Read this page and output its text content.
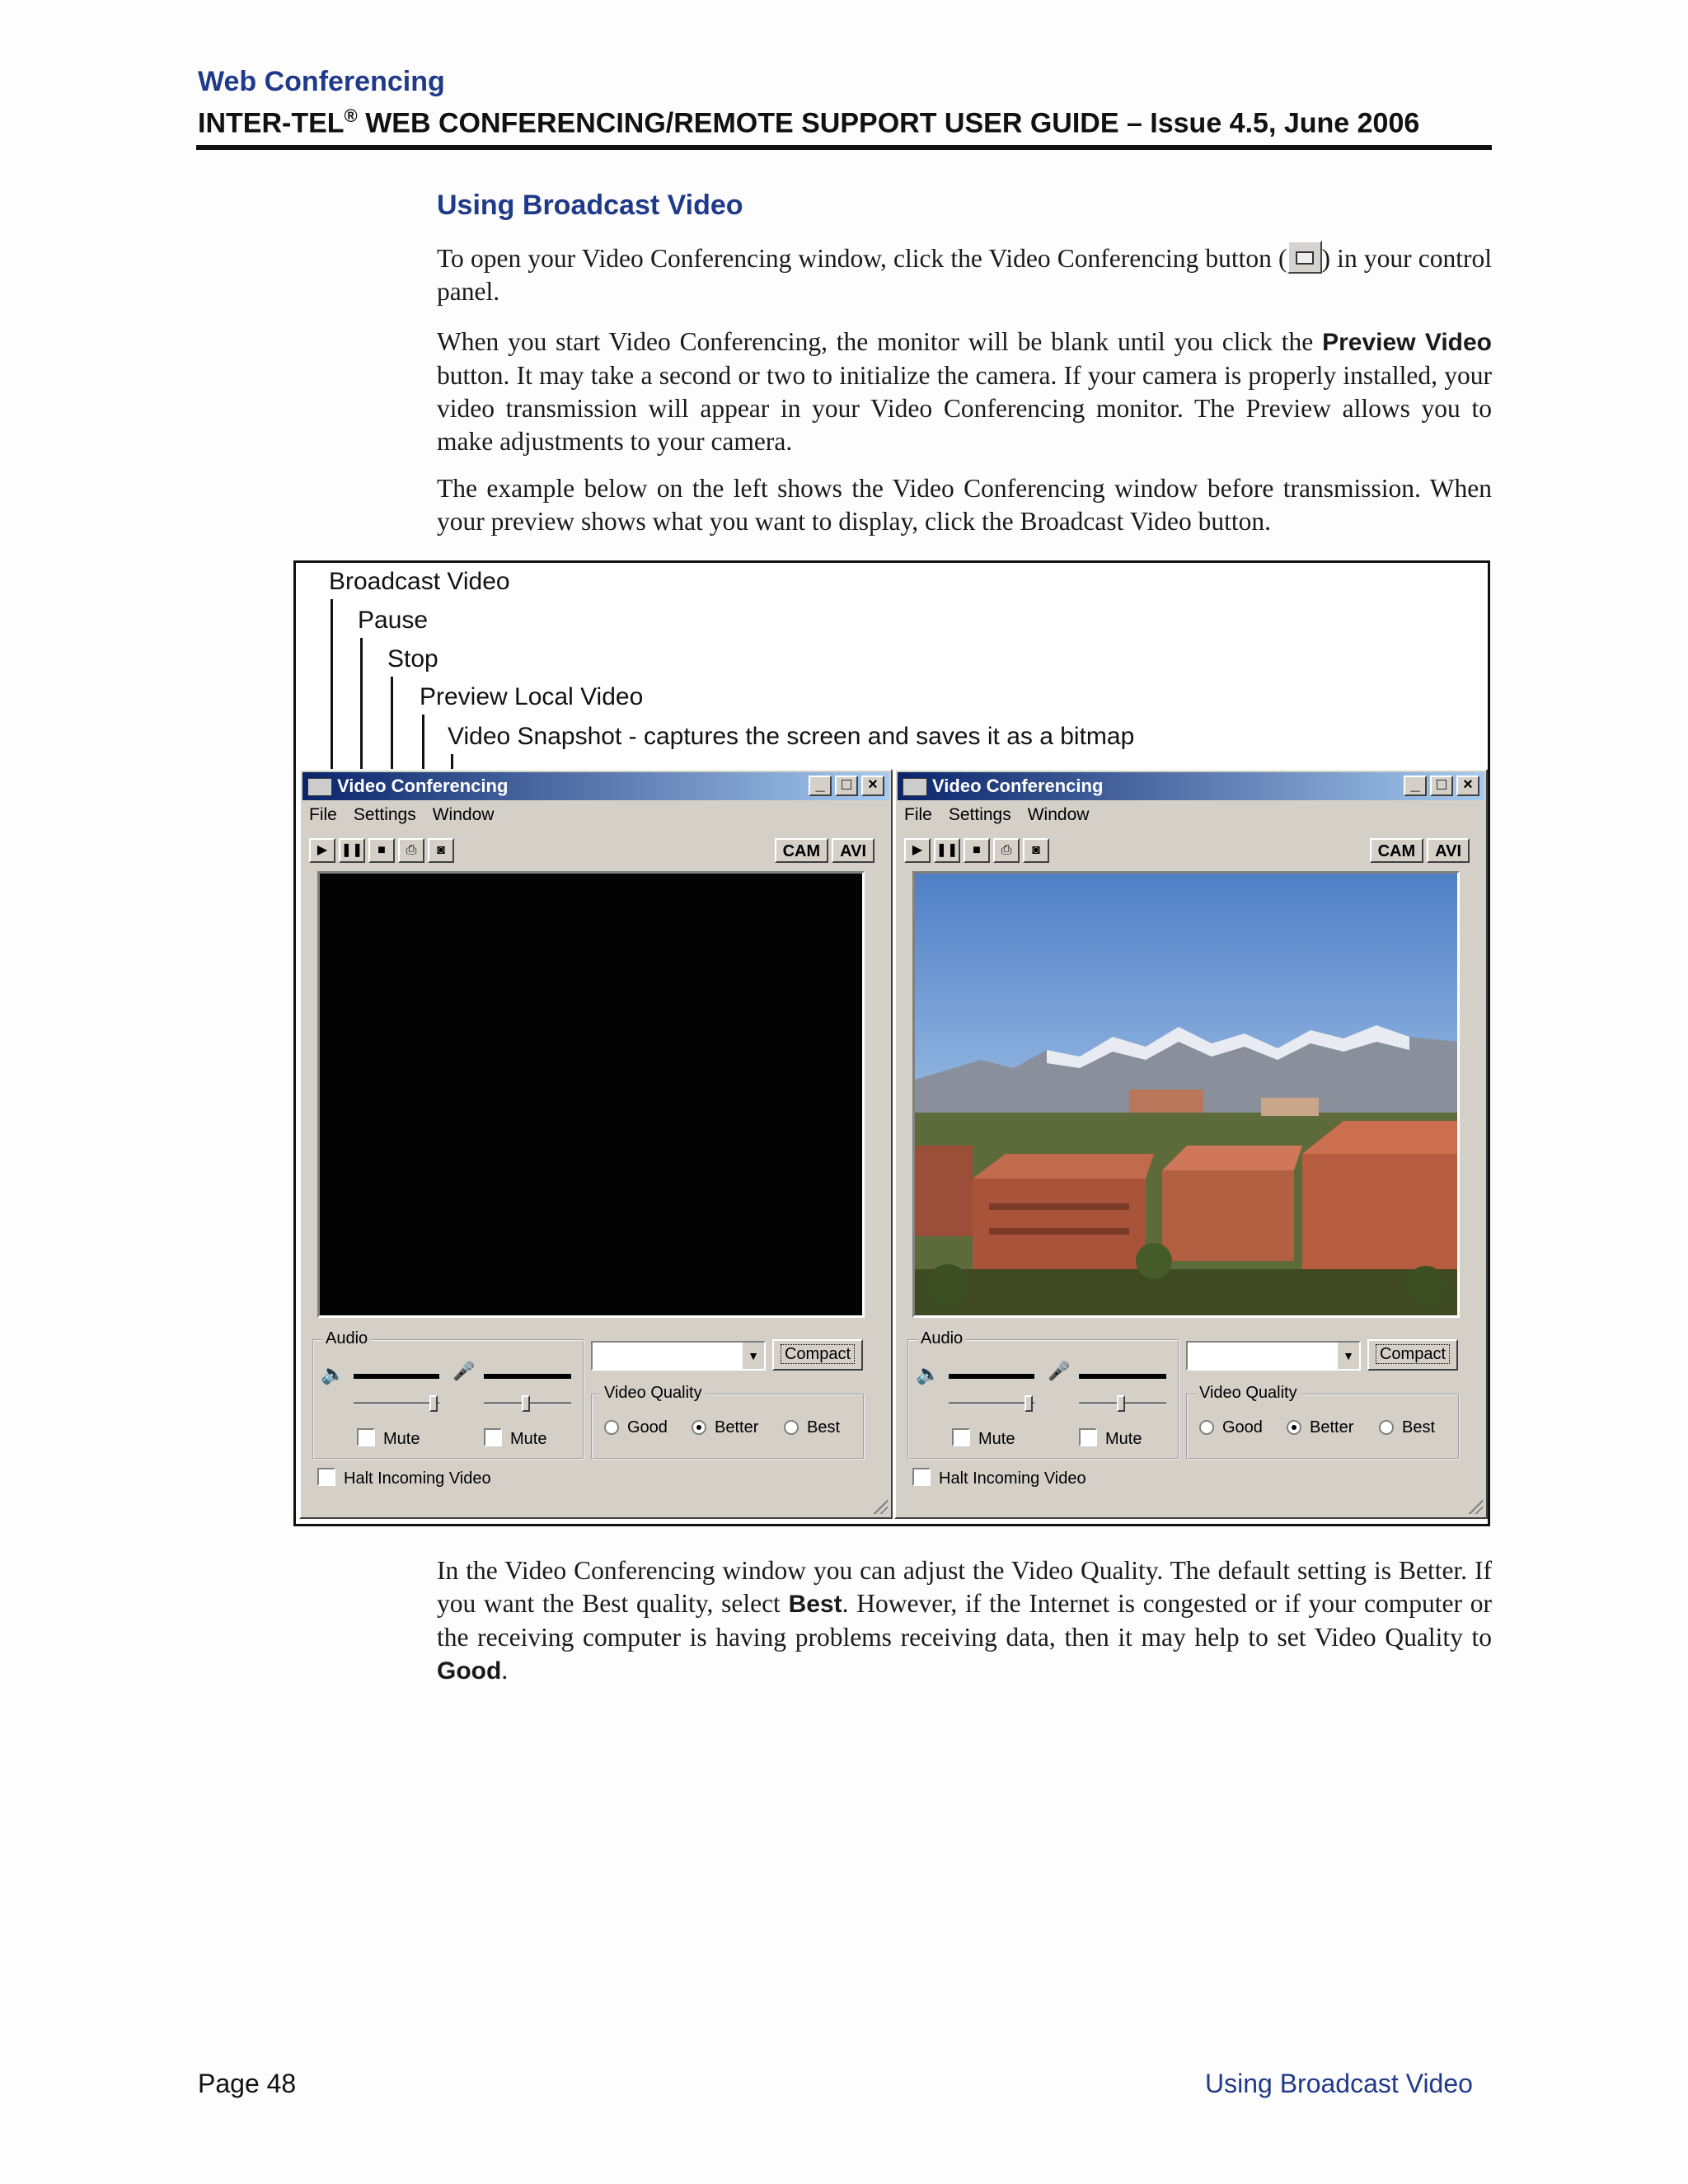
Web Conferencing
INTER-TEL® WEB CONFERENCING/REMOTE SUPPORT USER GUIDE – Issue 4.5, June 2006
Using Broadcast Video
To open your Video Conferencing window, click the Video Conferencing button ( ) in your control panel.
When you start Video Conferencing, the monitor will be blank until you click the Preview Video button. It may take a second or two to initialize the camera. If your camera is properly installed, your video transmission will appear in your Video Conferencing monitor. The Preview allows you to make adjustments to your camera.
The example below on the left shows the Video Conferencing window before transmission. When your preview shows what you want to display, click the Broadcast Video button.
Broadcast Video
Pause
Stop
Preview Local Video
Video Snapshot - captures the screen and saves it as a bitmap
Video Conferencing	_	□	×
File Settings Window
▶ ❚❚ ■ ⎙ ◙	CAM AVI
Audio
🔈	🎤
Mute	Mute
▼
Compact
Video Quality
Good	Better	Best
Halt Incoming Video
Video Conferencing	_	□	×
File Settings Window
▶ ❚❚ ■ ⎙ ◙	CAM AVI
Audio
🔈	🎤
Mute	Mute
▼
Compact
Video Quality
Good	Better	Best
Halt Incoming Video
In the Video Conferencing window you can adjust the Video Quality. The default setting is Better. If you want the Best quality, select Best. However, if the Internet is congested or if your computer or the receiving computer is having problems receiving data, then it may help to set Video Quality to Good.
Page 48	Using Broadcast Video
